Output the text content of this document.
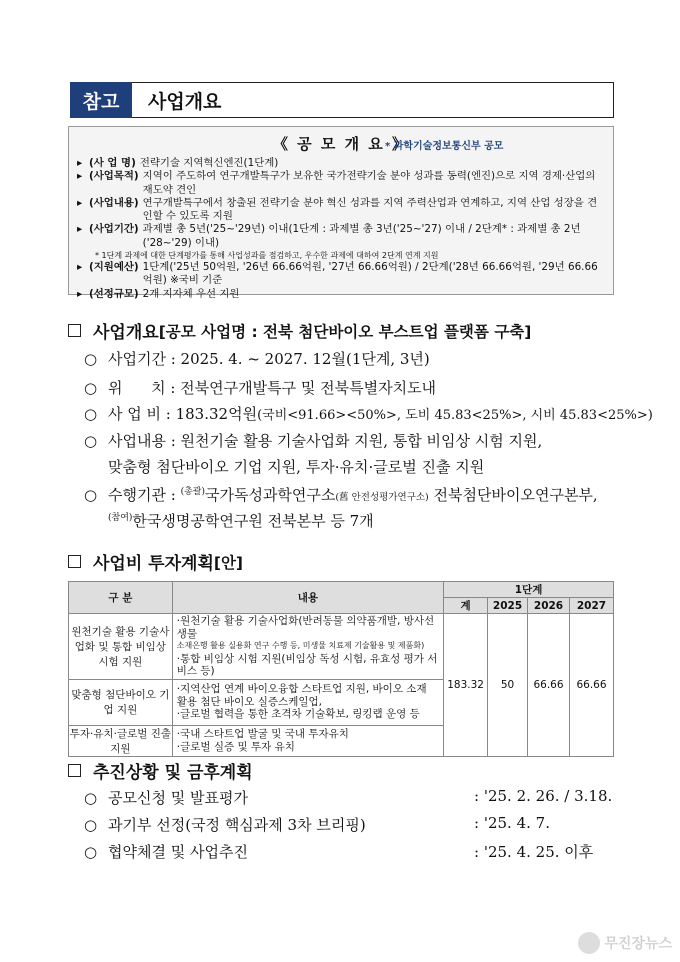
참고	사업개요
《 공 모 개 요 》
* 과학기술정보통신부 공모
▸ (사 업 명) 전략기술 지역혁신엔진(1단계)
▸ (사업목적) 지역이 주도하여 연구개발특구가 보유한 국가전략기술 분야 성과를 동력(엔진)으로 지역 경제·산업의 재도약 견인
▸ (사업내용) 연구개발특구에서 창출된 전략기술 분야 혁신 성과를 지역 주력산업과 연계하고, 지역 산업 성장을 견인할 수 있도록 지원
▸ (사업기간) 과제별 총 5년('25~'29년) 이내(1단계 : 과제별 총 3년('25~'27) 이내 / 2단계* : 과제별 총 2년('28~'29) 이내)
* 1단계 과제에 대한 단계평가를 통해 사업성과를 점검하고, 우수한 과제에 대하여 2단계 연계 지원
▸ (지원예산) 1단계('25년 50억원, '26년 66.66억원, '27년 66.66억원) / 2단계('28년 66.66억원, '29년 66.66억원) ※국비 기준
▸ (선정규모) 2개 지자체 우선 지원
사업개요 [공모 사업명 : 전북 첨단바이오 부스트업 플랫폼 구축]
○ 사업기간 : 2025. 4. ~ 2027. 12월(1단계, 3년)
○ 위      치 : 전북연구개발특구 및 전북특별자치도내
○ 사 업 비 : 183.32억원(국비<91.66><50%>, 도비 45.83<25%>, 시비 45.83<25%>)
○ 사업내용 : 원천기술 활용 기술사업화 지원, 통합 비임상 시험 지원,
맞춤형 첨단바이오 기업 지원, 투자·유치·글로벌 진출 지원
○ 수행기관 : $^{(총괄)}$국가독성과학연구소(舊 안전성평가연구소) 전북첨단바이오연구본부,
$^{(참여)}$한국생명공학연구원 전북본부 등 7개
사업비 투자계획 [안]
구 분	내용	1단계			
		계	2025	2026	2027
원천기술 활용 기술사업화 및 통합 비임상 시험 지원	·원천기술 활용 기술사업화(반려동물 의약품개발, 방사선 생물
소재은행 활용 실용화 연구 수행 등, 미생물 치료제 기술활용 및 제품화)
·통합 비임상 시험 지원(비임상 독성 시험, 유효성 평가 서비스 등)	183.32	50	66.66	66.66
맞춤형 첨단바이오 기업 지원	·지역산업 연계 바이오융합 스타트업 지원, 바이오 소재
활용 첨단 바이오 실증스케일업,
·글로벌 협력을 통한 초격차 기술확보, 링킹랩 운영 등				

투자·유치·글로벌 진출 지원	·국내 스타트업 발굴 및 국내 투자유치
·글로벌 실증 및 투자 유치				
추진상황 및 금후계획
○ 공모신청 및 발표평가	: '25. 2. 26. / 3.18.
○ 과기부 선정(국정 핵심과제 3차 브리핑)	: '25. 4. 7.
○ 협약체결 및 사업추진	: '25. 4. 25. 이후
무진장뉴스
